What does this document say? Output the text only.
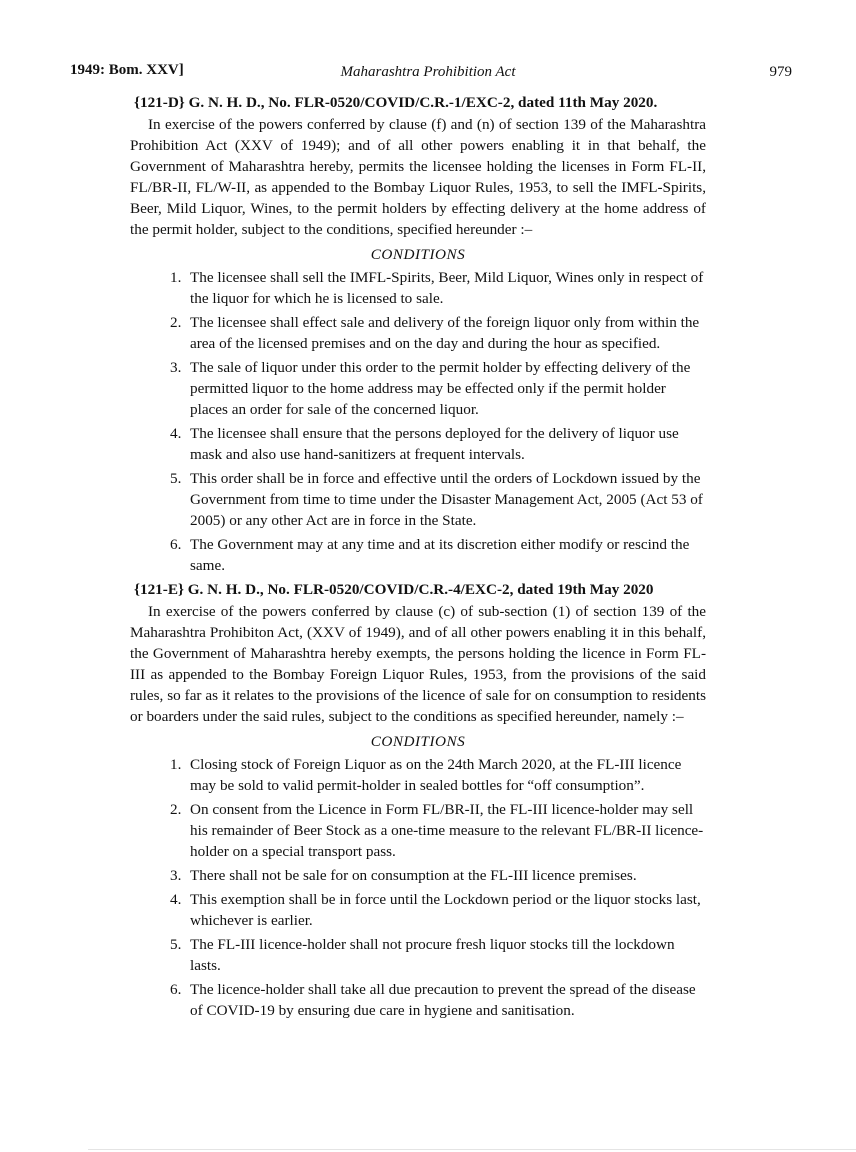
1949: Bom. XXV]	Maharashtra Prohibition Act	979
{121-D} G. N. H. D., No. FLR-0520/COVID/C.R.-1/EXC-2, dated 11th May 2020.

In exercise of the powers conferred by clause (f) and (n) of section 139 of the Maharashtra Prohibition Act (XXV of 1949); and of all other powers enabling it in that behalf, the Government of Maharashtra hereby, permits the licensee holding the licenses in Form FL-II, FL/BR-II, FL/W-II, as appended to the Bombay Liquor Rules, 1953, to sell the IMFL-Spirits, Beer, Mild Liquor, Wines, to the permit holders by effecting delivery at the home address of the permit holder, subject to the conditions, specified hereunder :–

CONDITIONS
1. The licensee shall sell the IMFL-Spirits, Beer, Mild Liquor, Wines only in respect of the liquor for which he is licensed to sale.
2. The licensee shall effect sale and delivery of the foreign liquor only from within the area of the licensed premises and on the day and during the hour as specified.
3. The sale of liquor under this order to the permit holder by effecting delivery of the permitted liquor to the home address may be effected only if the permit holder places an order for sale of the concerned liquor.
4. The licensee shall ensure that the persons deployed for the delivery of liquor use mask and also use hand-sanitizers at frequent intervals.
5. This order shall be in force and effective until the orders of Lockdown issued by the Government from time to time under the Disaster Management Act, 2005 (Act 53 of 2005) or any other Act are in force in the State.
6. The Government may at any time and at its discretion either modify or rescind the same.
{121-E} G. N. H. D., No. FLR-0520/COVID/C.R.-4/EXC-2, dated 19th May 2020

In exercise of the powers conferred by clause (c) of sub-section (1) of section 139 of the Maharashtra Prohibiton Act, (XXV of 1949), and of all other powers enabling it in this behalf, the Government of Maharashtra hereby exempts, the persons holding the licence in Form FL-III as appended to the Bombay Foreign Liquor Rules, 1953, from the provisions of the said rules, so far as it relates to the provisions of the licence of sale for on consumption to residents or boarders under the said rules, subject to the conditions as specified hereunder, namely :–

CONDITIONS
1. Closing stock of Foreign Liquor as on the 24th March 2020, at the FL-III licence may be sold to valid permit-holder in sealed bottles for “off consumption”.
2. On consent from the Licence in Form FL/BR-II, the FL-III licence-holder may sell his remainder of Beer Stock as a one-time measure to the relevant FL/BR-II licence-holder on a special transport pass.
3. There shall not be sale for on consumption at the FL-III licence premises.
4. This exemption shall be in force until the Lockdown period or the liquor stocks last, whichever is earlier.
5. The FL-III licence-holder shall not procure fresh liquor stocks till the lockdown lasts.
6. The licence-holder shall take all due precaution to prevent the spread of the disease of COVID-19 by ensuring due care in hygiene and sanitisation.
